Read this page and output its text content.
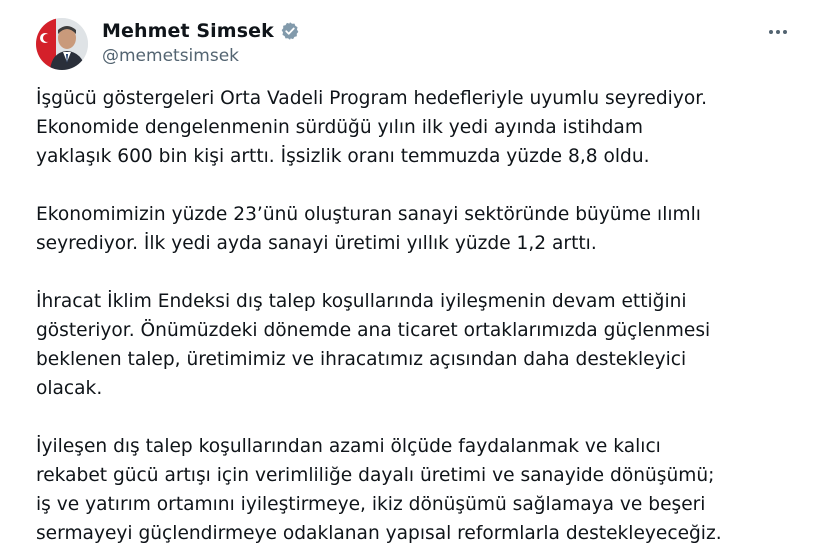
Mehmet Simsek
@memetsimsek

İşgücü göstergeleri Orta Vadeli Program hedefleriyle uyumlu seyrediyor.
Ekonomide dengelenmenin sürdüğü yılın ilk yedi ayında istihdam
yaklaşık 600 bin kişi arttı. İşsizlik oranı temmuzda yüzde 8,8 oldu.

Ekonomimizin yüzde 23’ünü oluşturan sanayi sektöründe büyüme ılımlı
seyrediyor. İlk yedi ayda sanayi üretimi yıllık yüzde 1,2 arttı.

İhracat İklim Endeksi dış talep koşullarında iyileşmenin devam ettiğini
gösteriyor. Önümüzdeki dönemde ana ticaret ortaklarımızda güçlenmesi
beklenen talep, üretimimiz ve ihracatımız açısından daha destekleyici
olacak.

İyileşen dış talep koşullarından azami ölçüde faydalanmak ve kalıcı
rekabet gücü artışı için verimliliğe dayalı üretimi ve sanayide dönüşümü;
iş ve yatırım ortamını iyileştirmeye, ikiz dönüşümü sağlamaya ve beşeri
sermayeyi güçlendirmeye odaklanan yapısal reformlarla destekleyeceğiz.
